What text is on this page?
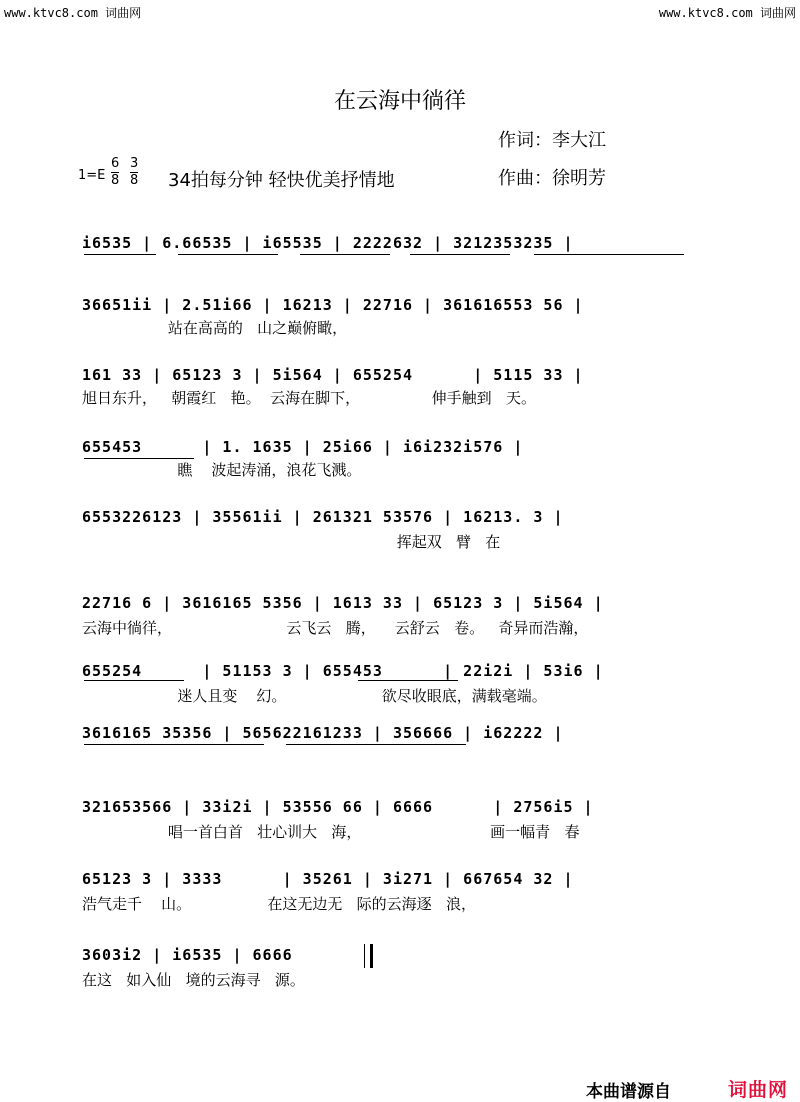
www.ktvc8.com 词曲网	www.ktvc8.com 词曲网
在云海中徜徉
作词：李大江
作曲：徐明芳
$1=E \frac{6}{8} \frac{3}{8} 34$拍每分钟 轻快优美抒情地
i6535 | 6.66535 | i65535 | 2222632 | 3212353235 |
36651ii | 2.51i66 | 16213 | 22716 | 361616553 56 |
站在高高的   山之巅俯瞰，
161 33 | 65123 3 | 5i564 | 655254      | 5115 33 |
旭日东升，   朝霞红   艳。  云海在脚下，               伸手触到   天。
655453      | 1. 1635 | 25i66 | i6i232i576 |
瞧    波起涛涌，浪花飞溅。
6553226123 | 35561ii | 261321 53576 | 16213. 3 |
挥起双   臂   在
22716 6 | 3616165 5356 | 1613 33 | 65123 3 | 5i564 |
云海中徜徉，                        云飞云   腾，    云舒云   卷。   奇异而浩瀚，
655254      | 51153 3 | 655453      | 22i2i | 53i6 |
迷人且变    幻。                    欲尽收眼底，满载毫端。
3616165 35356 | 565622161233 | 356666 | i62222 |
321653566 | 33i2i | 53556 66 | 6666      | 2756i5 |
唱一首白首   壮心训大   海，                           画一幅青   春
65123 3 | 3333      | 35261 | 3i271 | 667654 32 |
浩气走千    山。                在这无边无   际的云海逐   浪，
3603i2 | i6535 | 6666
在这   如入仙   境的云海寻   源。
本曲谱源自	词曲网
